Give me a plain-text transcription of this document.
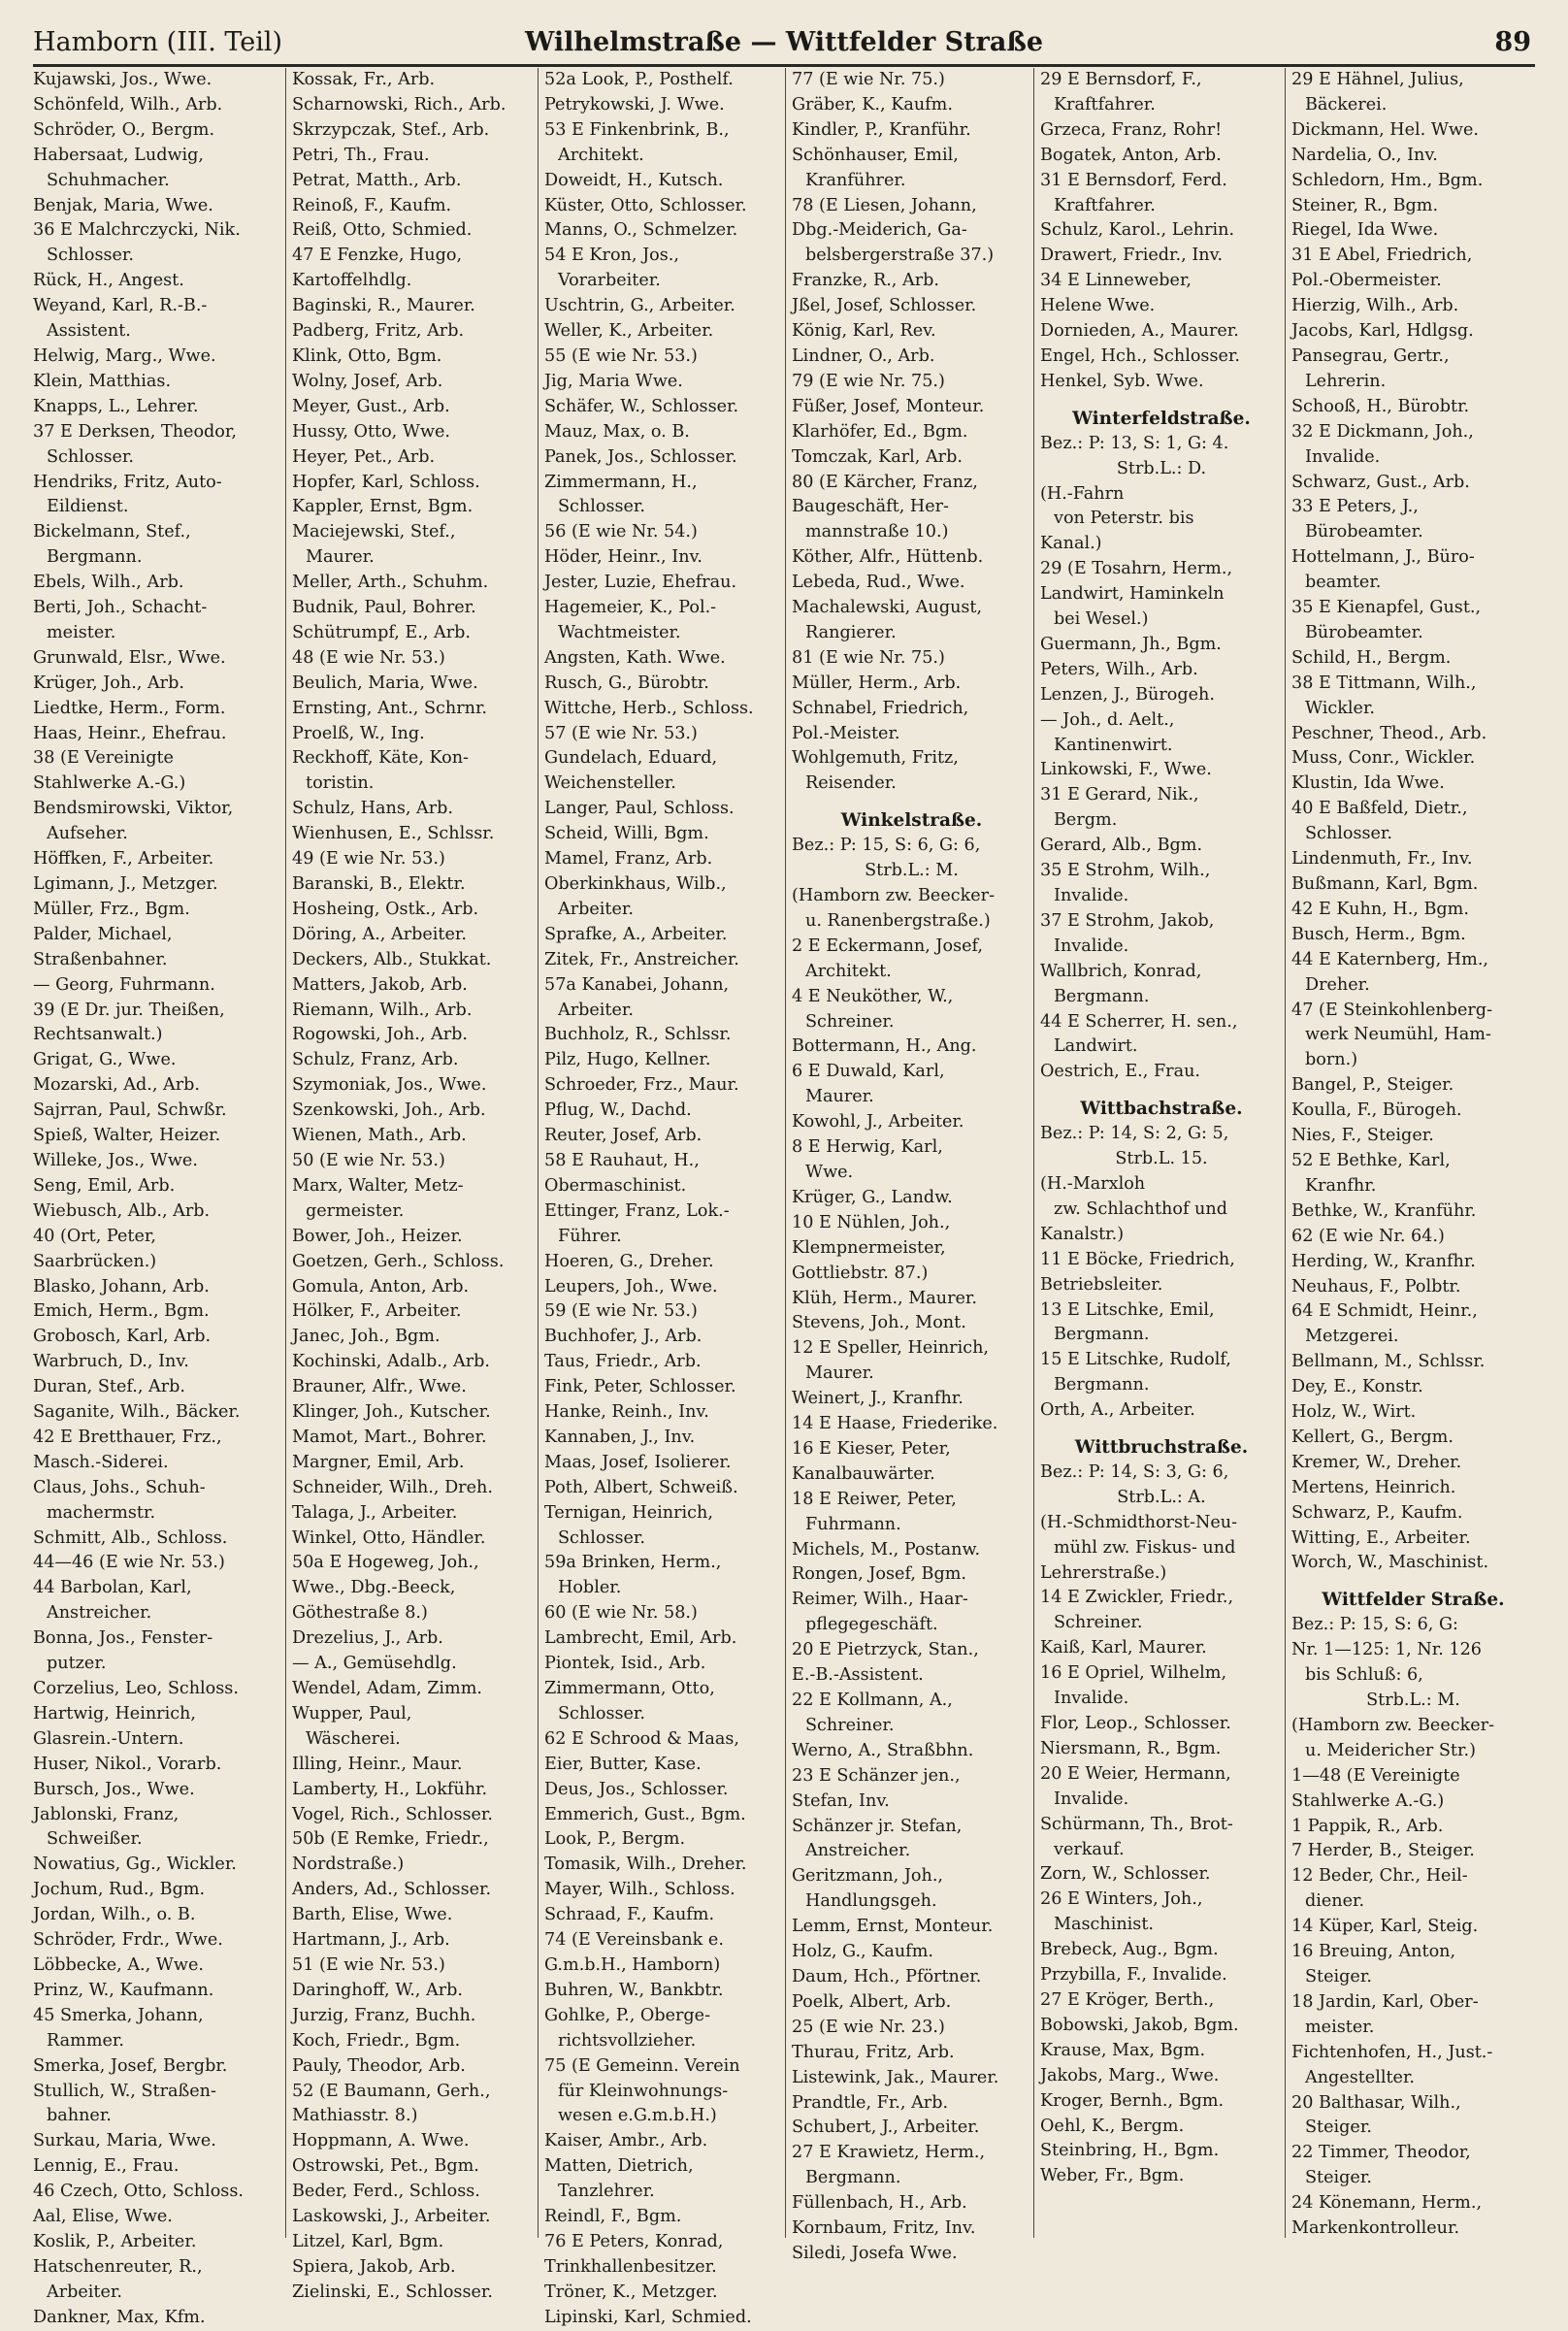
Hamborn (III. Teil)	Wilhelmstraße — Wittfelder Straße	89
Kujawski, Jos., Wwe.
Schönfeld, Wilh., Arb.
Schröder, O., Bergm.
Habersaat, Ludwig,
Schuhmacher.
Benjak, Maria, Wwe.
36 E Malchrczycki, Nik.
Schlosser.
Rück, H., Angest.
Weyand, Karl, R.-B.-
Assistent.
Helwig, Marg., Wwe.
Klein, Matthias.
Knapps, L., Lehrer.
37 E Derksen, Theodor,
Schlosser.
Hendriks, Fritz, Auto-
Eildienst.
Bickelmann, Stef.,
Bergmann.
Ebels, Wilh., Arb.
Berti, Joh., Schacht-
meister.
Grunwald, Elsr., Wwe.
Krüger, Joh., Arb.
Liedtke, Herm., Form.
Haas, Heinr., Ehefrau.
38 (E Vereinigte
Stahlwerke A.-G.)
Bendsmirowski, Viktor,
Aufseher.
Höffken, F., Arbeiter.
Lgimann, J., Metzger.
Müller, Frz., Bgm.
Palder, Michael,
Straßenbahner.
— Georg, Fuhrmann.
39 (E Dr. jur. Theißen,
Rechtsanwalt.)
Grigat, G., Wwe.
Mozarski, Ad., Arb.
Sajrran, Paul, Schwßr.
Spieß, Walter, Heizer.
Willeke, Jos., Wwe.
Seng, Emil, Arb.
Wiebusch, Alb., Arb.
40 (Ort, Peter,
Saarbrücken.)
Blasko, Johann, Arb.
Emich, Herm., Bgm.
Grobosch, Karl, Arb.
Warbruch, D., Inv.
Duran, Stef., Arb.
Saganite, Wilh., Bäcker.
42 E Bretthauer, Frz.,
Masch.-Siderei.
Claus, Johs., Schuh-
machermstr.
Schmitt, Alb., Schloss.
44—46 (E wie Nr. 53.)
44 Barbolan, Karl,
Anstreicher.
Bonna, Jos., Fenster-
putzer.
Corzelius, Leo, Schloss.
Hartwig, Heinrich,
Glasrein.-Untern.
Huser, Nikol., Vorarb.
Bursch, Jos., Wwe.
Jablonski, Franz,
Schweißer.
Nowatius, Gg., Wickler.
Jochum, Rud., Bgm.
Jordan, Wilh., o. B.
Schröder, Frdr., Wwe.
Löbbecke, A., Wwe.
Prinz, W., Kaufmann.
45 Smerka, Johann,
Rammer.
Smerka, Josef, Bergbr.
Stullich, W., Straßen-
bahner.
Surkau, Maria, Wwe.
Lennig, E., Frau.
46 Czech, Otto, Schloss.
Aal, Elise, Wwe.
Koslik, P., Arbeiter.
Hatschenreuter, R.,
Arbeiter.
Dankner, Max, Kfm.
Kossak, Fr., Arb.
Scharnowski, Rich., Arb.
Skrzypczak, Stef., Arb.
Petri, Th., Frau.
Petrat, Matth., Arb.
Reinoß, F., Kaufm.
Reiß, Otto, Schmied.
47 E Fenzke, Hugo,
Kartoffelhdlg.
Baginski, R., Maurer.
Padberg, Fritz, Arb.
Klink, Otto, Bgm.
Wolny, Josef, Arb.
Meyer, Gust., Arb.
Hussy, Otto, Wwe.
Heyer, Pet., Arb.
Hopfer, Karl, Schloss.
Kappler, Ernst, Bgm.
Maciejewski, Stef.,
Maurer.
Meller, Arth., Schuhm.
Budnik, Paul, Bohrer.
Schütrumpf, E., Arb.
48 (E wie Nr. 53.)
Beulich, Maria, Wwe.
Ernsting, Ant., Schrnr.
Proelß, W., Ing.
Reckhoff, Käte, Kon-
toristin.
Schulz, Hans, Arb.
Wienhusen, E., Schlssr.
49 (E wie Nr. 53.)
Baranski, B., Elektr.
Hosheing, Ostk., Arb.
Döring, A., Arbeiter.
Deckers, Alb., Stukkat.
Matters, Jakob, Arb.
Riemann, Wilh., Arb.
Rogowski, Joh., Arb.
Schulz, Franz, Arb.
Szymoniak, Jos., Wwe.
Szenkowski, Joh., Arb.
Wienen, Math., Arb.
50 (E wie Nr. 53.)
Marx, Walter, Metz-
germeister.
Bower, Joh., Heizer.
Goetzen, Gerh., Schloss.
Gomula, Anton, Arb.
Hölker, F., Arbeiter.
Janec, Joh., Bgm.
Kochinski, Adalb., Arb.
Brauner, Alfr., Wwe.
Klinger, Joh., Kutscher.
Mamot, Mart., Bohrer.
Margner, Emil, Arb.
Schneider, Wilh., Dreh.
Talaga, J., Arbeiter.
Winkel, Otto, Händler.
50a E Hogeweg, Joh.,
Wwe., Dbg.-Beeck,
Göthestraße 8.)
Drezelius, J., Arb.
— A., Gemüsehdlg.
Wendel, Adam, Zimm.
Wupper, Paul,
Wäscherei.
Illing, Heinr., Maur.
Lamberty, H., Lokführ.
Vogel, Rich., Schlosser.
50b (E Remke, Friedr.,
Nordstraße.)
Anders, Ad., Schlosser.
Barth, Elise, Wwe.
Hartmann, J., Arb.
51 (E wie Nr. 53.)
Daringhoff, W., Arb.
Jurzig, Franz, Buchh.
Koch, Friedr., Bgm.
Pauly, Theodor, Arb.
52 (E Baumann, Gerh.,
Mathiasstr. 8.)
Hoppmann, A. Wwe.
Ostrowski, Pet., Bgm.
Beder, Ferd., Schloss.
Laskowski, J., Arbeiter.
Litzel, Karl, Bgm.
Spiera, Jakob, Arb.
Zielinski, E., Schlosser.
52a Look, P., Posthelf.
Petrykowski, J. Wwe.
53 E Finkenbrink, B.,
Architekt.
Doweidt, H., Kutsch.
Küster, Otto, Schlosser.
Manns, O., Schmelzer.
54 E Kron, Jos.,
Vorarbeiter.
Uschtrin, G., Arbeiter.
Weller, K., Arbeiter.
55 (E wie Nr. 53.)
Jig, Maria Wwe.
Schäfer, W., Schlosser.
Mauz, Max, o. B.
Panek, Jos., Schlosser.
Zimmermann, H.,
Schlosser.
56 (E wie Nr. 54.)
Höder, Heinr., Inv.
Jester, Luzie, Ehefrau.
Hagemeier, K., Pol.-
Wachtmeister.
Angsten, Kath. Wwe.
Rusch, G., Bürobtr.
Wittche, Herb., Schloss.
57 (E wie Nr. 53.)
Gundelach, Eduard,
Weichensteller.
Langer, Paul, Schloss.
Scheid, Willi, Bgm.
Mamel, Franz, Arb.
Oberkinkhaus, Wilb.,
Arbeiter.
Sprafke, A., Arbeiter.
Zitek, Fr., Anstreicher.
57a Kanabei, Johann,
Arbeiter.
Buchholz, R., Schlssr.
Pilz, Hugo, Kellner.
Schroeder, Frz., Maur.
Pflug, W., Dachd.
Reuter, Josef, Arb.
58 E Rauhaut, H.,
Obermaschinist.
Ettinger, Franz, Lok.-
Führer.
Hoeren, G., Dreher.
Leupers, Joh., Wwe.
59 (E wie Nr. 53.)
Buchhofer, J., Arb.
Taus, Friedr., Arb.
Fink, Peter, Schlosser.
Hanke, Reinh., Inv.
Kannaben, J., Inv.
Maas, Josef, Isolierer.
Poth, Albert, Schweiß.
Ternigan, Heinrich,
Schlosser.
59a Brinken, Herm.,
Hobler.
60 (E wie Nr. 58.)
Lambrecht, Emil, Arb.
Piontek, Isid., Arb.
Zimmermann, Otto,
Schlosser.
62 E Schrood & Maas,
Eier, Butter, Kase.
Deus, Jos., Schlosser.
Emmerich, Gust., Bgm.
Look, P., Bergm.
Tomasik, Wilh., Dreher.
Mayer, Wilh., Schloss.
Schraad, F., Kaufm.
74 (E Vereinsbank e.
G.m.b.H., Hamborn)
Buhren, W., Bankbtr.
Gohlke, P., Oberge-
richtsvollzieher.
75 (E Gemeinn. Verein
für Kleinwohnungs-
wesen e.G.m.b.H.)
Kaiser, Ambr., Arb.
Matten, Dietrich,
Tanzlehrer.
Reindl, F., Bgm.
76 E Peters, Konrad,
Trinkhallenbesitzer.
Tröner, K., Metzger.
Lipinski, Karl, Schmied.
77 (E wie Nr. 75.)
Gräber, K., Kaufm.
Kindler, P., Kranführ.
Schönhauser, Emil,
Kranführer.
78 (E Liesen, Johann,
Dbg.-Meiderich, Ga-
belsbergerstraße 37.)
Franzke, R., Arb.
Jßel, Josef, Schlosser.
König, Karl, Rev.
Lindner, O., Arb.
79 (E wie Nr. 75.)
Füßer, Josef, Monteur.
Klarhöfer, Ed., Bgm.
Tomczak, Karl, Arb.
80 (E Kärcher, Franz,
Baugeschäft, Her-
mannstraße 10.)
Köther, Alfr., Hüttenb.
Lebeda, Rud., Wwe.
Machalewski, August,
Rangierer.
81 (E wie Nr. 75.)
Müller, Herm., Arb.
Schnabel, Friedrich,
Pol.-Meister.
Wohlgemuth, Fritz,
Reisender.
Winkelstraße.
Bez.: P: 15, S: 6, G: 6,
Strb.L.: M.
(Hamborn zw. Beecker-
u. Ranenbergstraße.)
2 E Eckermann, Josef,
Architekt.
4 E Neuköther, W.,
Schreiner.
Bottermann, H., Ang.
6 E Duwald, Karl,
Maurer.
Kowohl, J., Arbeiter.
8 E Herwig, Karl,
Wwe.
Krüger, G., Landw.
10 E Nühlen, Joh.,
Klempnermeister,
Gottliebstr. 87.)
Klüh, Herm., Maurer.
Stevens, Joh., Mont.
12 E Speller, Heinrich,
Maurer.
Weinert, J., Kranfhr.
14 E Haase, Friederike.
16 E Kieser, Peter,
Kanalbauwärter.
18 E Reiwer, Peter,
Fuhrmann.
Michels, M., Postanw.
Rongen, Josef, Bgm.
Reimer, Wilh., Haar-
pflegegeschäft.
20 E Pietrzyck, Stan.,
E.-B.-Assistent.
22 E Kollmann, A.,
Schreiner.
Werno, A., Straßbhn.
23 E Schänzer jen.,
Stefan, Inv.
Schänzer jr. Stefan,
Anstreicher.
Geritzmann, Joh.,
Handlungsgeh.
Lemm, Ernst, Monteur.
Holz, G., Kaufm.
Daum, Hch., Pförtner.
Poelk, Albert, Arb.
25 (E wie Nr. 23.)
Thurau, Fritz, Arb.
Listewink, Jak., Maurer.
Prandtle, Fr., Arb.
Schubert, J., Arbeiter.
27 E Krawietz, Herm.,
Bergmann.
Füllenbach, H., Arb.
Kornbaum, Fritz, Inv.
Siledi, Josefa Wwe.
29 E Bernsdorf, F.,
Kraftfahrer.
Grzeca, Franz, Rohr!
Bogatek, Anton, Arb.
31 E Bernsdorf, Ferd.
Kraftfahrer.
Schulz, Karol., Lehrin.
Drawert, Friedr., Inv.
34 E Linneweber,
Helene Wwe.
Dornieden, A., Maurer.
Engel, Hch., Schlosser.
Henkel, Syb. Wwe.
Winterfeldstraße.
Bez.: P: 13, S: 1, G: 4.
Strb.L.: D.
(H.-Fahrn
von Peterstr. bis
Kanal.)
29 (E Tosahrn, Herm.,
Landwirt, Haminkeln
bei Wesel.)
Guermann, Jh., Bgm.
Peters, Wilh., Arb.
Lenzen, J., Bürogeh.
— Joh., d. Aelt.,
Kantinenwirt.
Linkowski, F., Wwe.
31 E Gerard, Nik.,
Bergm.
Gerard, Alb., Bgm.
35 E Strohm, Wilh.,
Invalide.
37 E Strohm, Jakob,
Invalide.
Wallbrich, Konrad,
Bergmann.
44 E Scherrer, H. sen.,
Landwirt.
Oestrich, E., Frau.
Wittbachstraße.
Bez.: P: 14, S: 2, G: 5,
Strb.L. 15.
(H.-Marxloh
zw. Schlachthof und
Kanalstr.)
11 E Böcke, Friedrich,
Betriebsleiter.
13 E Litschke, Emil,
Bergmann.
15 E Litschke, Rudolf,
Bergmann.
Orth, A., Arbeiter.
Wittbruchstraße.
Bez.: P: 14, S: 3, G: 6,
Strb.L.: A.
(H.-Schmidthorst-Neu-
mühl zw. Fiskus- und
Lehrerstraße.)
14 E Zwickler, Friedr.,
Schreiner.
Kaiß, Karl, Maurer.
16 E Opriel, Wilhelm,
Invalide.
Flor, Leop., Schlosser.
Niersmann, R., Bgm.
20 E Weier, Hermann,
Invalide.
Schürmann, Th., Brot-
verkauf.
Zorn, W., Schlosser.
26 E Winters, Joh.,
Maschinist.
Brebeck, Aug., Bgm.
Przybilla, F., Invalide.
27 E Kröger, Berth.,
Bobowski, Jakob, Bgm.
Krause, Max, Bgm.
Jakobs, Marg., Wwe.
Kroger, Bernh., Bgm.
Oehl, K., Bergm.
Steinbring, H., Bgm.
Weber, Fr., Bgm.
29 E Hähnel, Julius,
Bäckerei.
Dickmann, Hel. Wwe.
Nardelia, O., Inv.
Schledorn, Hm., Bgm.
Steiner, R., Bgm.
Riegel, Ida Wwe.
31 E Abel, Friedrich,
Pol.-Obermeister.
Hierzig, Wilh., Arb.
Jacobs, Karl, Hdlgsg.
Pansegrau, Gertr.,
Lehrerin.
Schooß, H., Bürobtr.
32 E Dickmann, Joh.,
Invalide.
Schwarz, Gust., Arb.
33 E Peters, J.,
Bürobeamter.
Hottelmann, J., Büro-
beamter.
35 E Kienapfel, Gust.,
Bürobeamter.
Schild, H., Bergm.
38 E Tittmann, Wilh.,
Wickler.
Peschner, Theod., Arb.
Muss, Conr., Wickler.
Klustin, Ida Wwe.
40 E Baßfeld, Dietr.,
Schlosser.
Lindenmuth, Fr., Inv.
Bußmann, Karl, Bgm.
42 E Kuhn, H., Bgm.
Busch, Herm., Bgm.
44 E Katernberg, Hm.,
Dreher.
47 (E Steinkohlenberg-
werk Neumühl, Ham-
born.)
Bangel, P., Steiger.
Koulla, F., Bürogeh.
Nies, F., Steiger.
52 E Bethke, Karl,
Kranfhr.
Bethke, W., Kranführ.
62 (E wie Nr. 64.)
Herding, W., Kranfhr.
Neuhaus, F., Polbtr.
64 E Schmidt, Heinr.,
Metzgerei.
Bellmann, M., Schlssr.
Dey, E., Konstr.
Holz, W., Wirt.
Kellert, G., Bergm.
Kremer, W., Dreher.
Mertens, Heinrich.
Schwarz, P., Kaufm.
Witting, E., Arbeiter.
Worch, W., Maschinist.
Wittfelder Straße.
Bez.: P: 15, S: 6, G:
Nr. 1—125: 1, Nr. 126
bis Schluß: 6,
Strb.L.: M.
(Hamborn zw. Beecker-
u. Meidericher Str.)
1—48 (E Vereinigte
Stahlwerke A.-G.)
1 Pappik, R., Arb.
7 Herder, B., Steiger.
12 Beder, Chr., Heil-
diener.
14 Küper, Karl, Steig.
16 Breuing, Anton,
Steiger.
18 Jardin, Karl, Ober-
meister.
Fichtenhofen, H., Just.-
Angestellter.
20 Balthasar, Wilh.,
Steiger.
22 Timmer, Theodor,
Steiger.
24 Könemann, Herm.,
Markenkontrolleur.
